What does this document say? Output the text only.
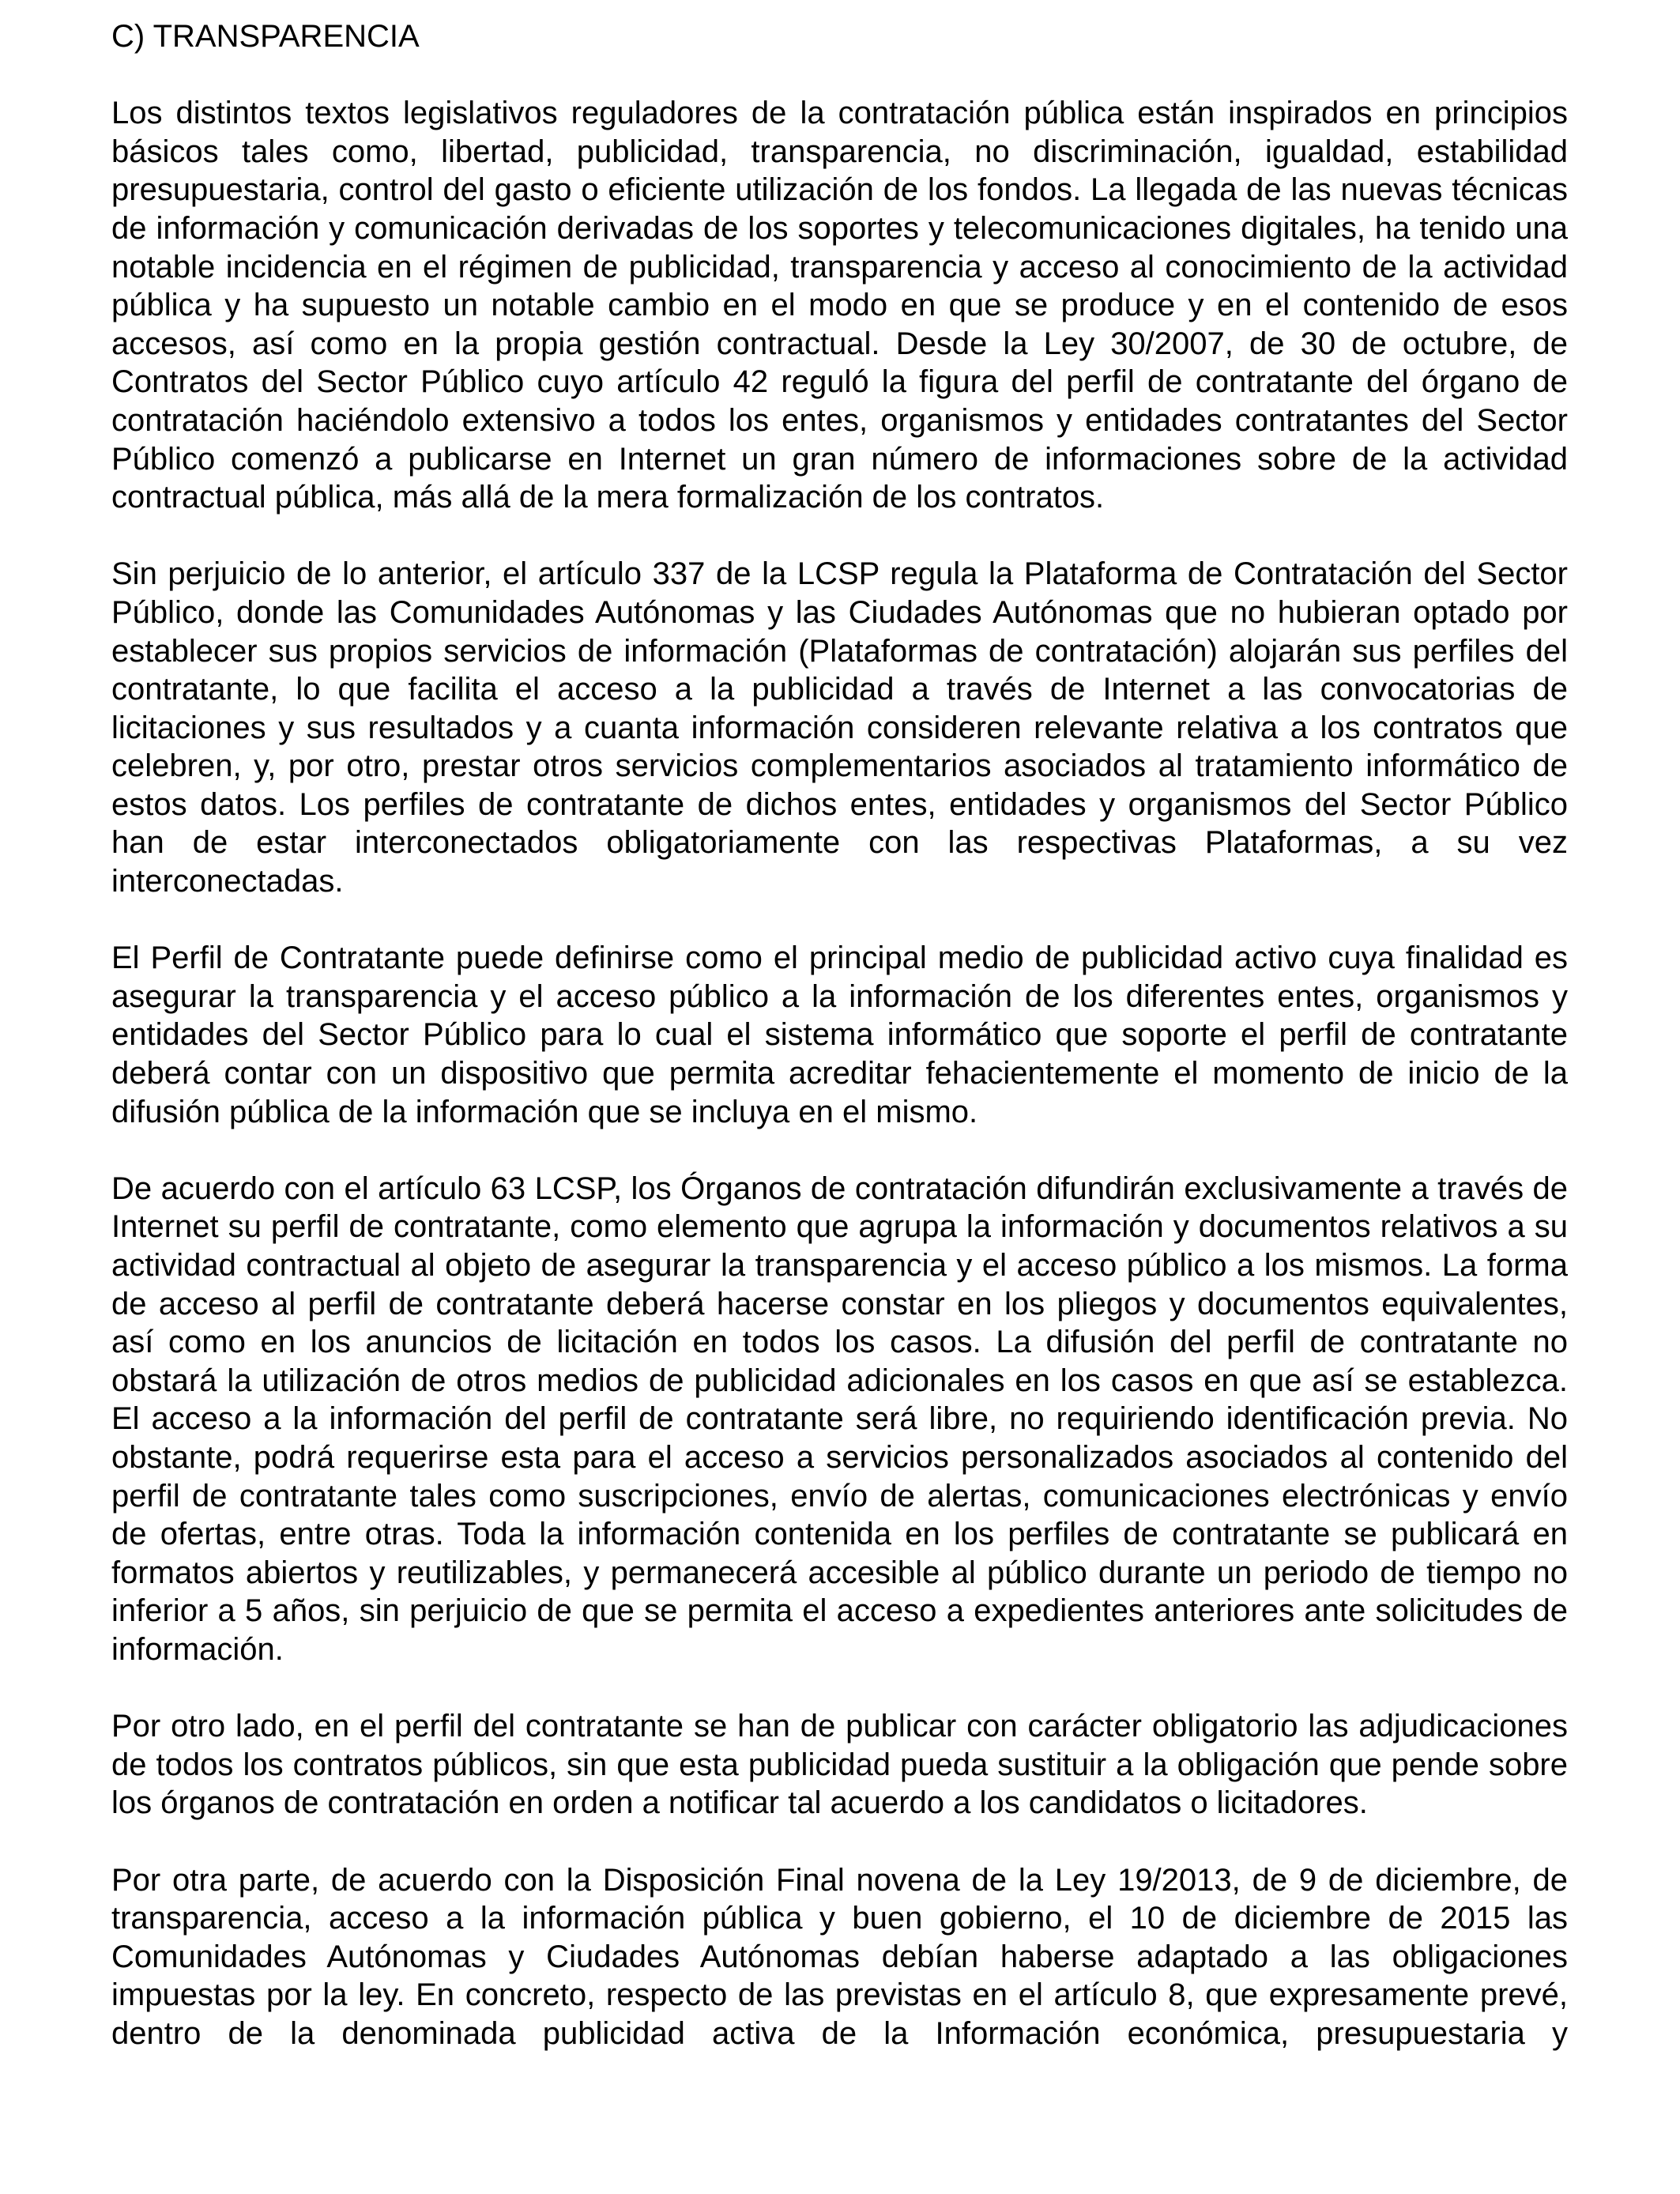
C) TRANSPARENCIA

Los distintos textos legislativos reguladores de la contratación pública están inspirados en principios básicos tales como, libertad, publicidad, transparencia, no discriminación, igualdad, estabilidad presupuestaria, control del gasto o eficiente utilización de los fondos. La llegada de las nuevas técnicas de información y comunicación derivadas de los soportes y telecomunicaciones digitales, ha tenido una notable incidencia en el régimen de publicidad, transparencia y acceso al conocimiento de la actividad pública y ha supuesto un notable cambio en el modo en que se produce y en el contenido de esos accesos, así como en la propia gestión contractual. Desde la Ley 30/2007, de 30 de octubre, de Contratos del Sector Público cuyo artículo 42 reguló la figura del perfil de contratante del órgano de contratación haciéndolo extensivo a todos los entes, organismos y entidades contratantes del Sector Público comenzó a publicarse en Internet un gran número de informaciones sobre de la actividad contractual pública, más allá de la mera formalización de los contratos.

Sin perjuicio de lo anterior, el artículo 337 de la LCSP regula la Plataforma de Contratación del Sector Público, donde las Comunidades Autónomas y las Ciudades Autónomas que no hubieran optado por establecer sus propios servicios de información (Plataformas de contratación) alojarán sus perfiles del contratante, lo que facilita el acceso a la publicidad a través de Internet a las convocatorias de licitaciones y sus resultados y a cuanta información consideren relevante relativa a los contratos que celebren, y, por otro, prestar otros servicios complementarios asociados al tratamiento informático de estos datos. Los perfiles de contratante de dichos entes, entidades y organismos del Sector Público han de estar interconectados obligatoriamente con las respectivas Plataformas, a su vez interconectadas.

El Perfil de Contratante puede definirse como el principal medio de publicidad activo cuya finalidad es asegurar la transparencia y el acceso público a la información de los diferentes entes, organismos y entidades del Sector Público para lo cual el sistema informático que soporte el perfil de contratante deberá contar con un dispositivo que permita acreditar fehacientemente el momento de inicio de la difusión pública de la información que se incluya en el mismo.

De acuerdo con el artículo 63 LCSP, los Órganos de contratación difundirán exclusivamente a través de Internet su perfil de contratante, como elemento que agrupa la información y documentos relativos a su actividad contractual al objeto de asegurar la transparencia y el acceso público a los mismos. La forma de acceso al perfil de contratante deberá hacerse constar en los pliegos y documentos equivalentes, así como en los anuncios de licitación en todos los casos. La difusión del perfil de contratante no obstará la utilización de otros medios de publicidad adicionales en los casos en que así se establezca. El acceso a la información del perfil de contratante será libre, no requiriendo identificación previa. No obstante, podrá requerirse esta para el acceso a servicios personalizados asociados al contenido del perfil de contratante tales como suscripciones, envío de alertas, comunicaciones electrónicas y envío de ofertas, entre otras. Toda la información contenida en los perfiles de contratante se publicará en formatos abiertos y reutilizables, y permanecerá accesible al público durante un periodo de tiempo no inferior a 5 años, sin perjuicio de que se permita el acceso a expedientes anteriores ante solicitudes de información.

Por otro lado, en el perfil del contratante se han de publicar con carácter obligatorio las adjudicaciones de todos los contratos públicos, sin que esta publicidad pueda sustituir a la obligación que pende sobre los órganos de contratación en orden a notificar tal acuerdo a los candidatos o licitadores.

Por otra parte, de acuerdo con la Disposición Final novena de la Ley 19/2013, de 9 de diciembre, de transparencia, acceso a la información pública y buen gobierno, el 10 de diciembre de 2015 las Comunidades Autónomas y Ciudades Autónomas debían haberse adaptado a las obligaciones impuestas por la ley. En concreto, respecto de las previstas en el artículo 8, que expresamente prevé, dentro de la denominada publicidad activa de la Información económica, presupuestaria y
